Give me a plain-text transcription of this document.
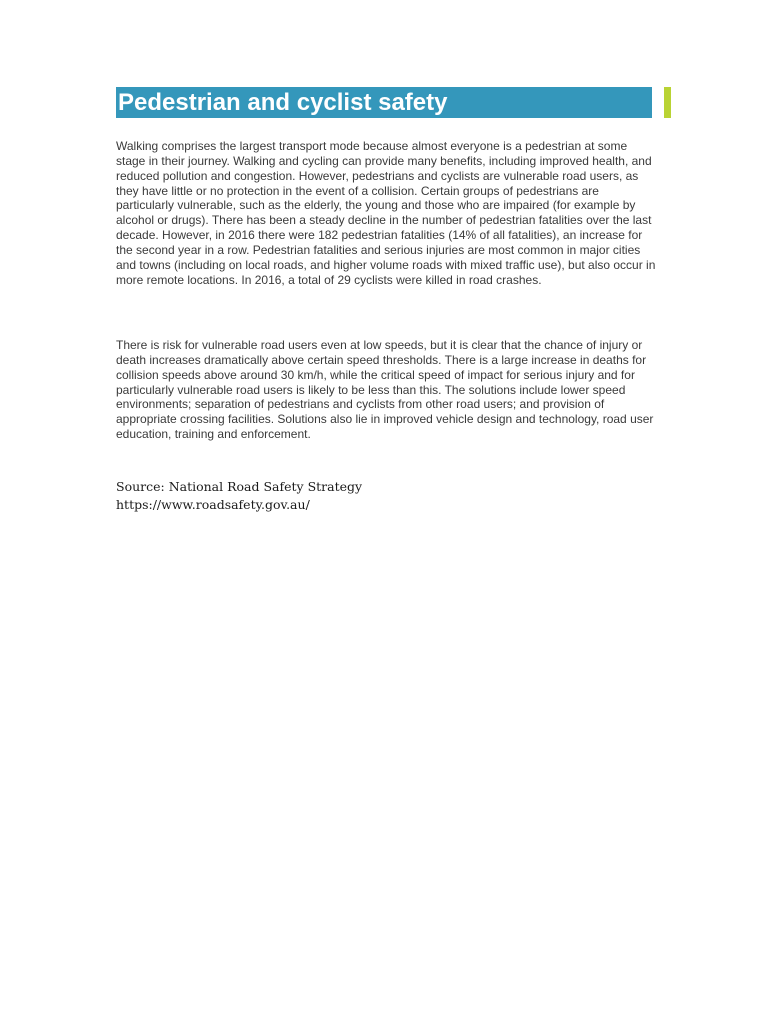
Pedestrian and cyclist safety

Walking comprises the largest transport mode because almost everyone is a pedestrian at some stage in their journey. Walking and cycling can provide many benefits, including improved health, and reduced pollution and congestion. However, pedestrians and cyclists are vulnerable road users, as they have little or no protection in the event of a collision. Certain groups of pedestrians are particularly vulnerable, such as the elderly, the young and those who are impaired (for example by alcohol or drugs). There has been a steady decline in the number of pedestrian fatalities over the last decade. However, in 2016 there were 182 pedestrian fatalities (14% of all fatalities), an increase for the second year in a row. Pedestrian fatalities and serious injuries are most common in major cities and towns (including on local roads, and higher volume roads with mixed traffic use), but also occur in more remote locations. In 2016, a total of 29 cyclists were killed in road crashes.

There is risk for vulnerable road users even at low speeds, but it is clear that the chance of injury or death increases dramatically above certain speed thresholds. There is a large increase in deaths for collision speeds above around 30 km/h, while the critical speed of impact for serious injury and for particularly vulnerable road users is likely to be less than this. The solutions include lower speed environments; separation of pedestrians and cyclists from other road users; and provision of appropriate crossing facilities. Solutions also lie in improved vehicle design and technology, road user education, training and enforcement.

Source: National Road Safety Strategy
https://www.roadsafety.gov.au/
